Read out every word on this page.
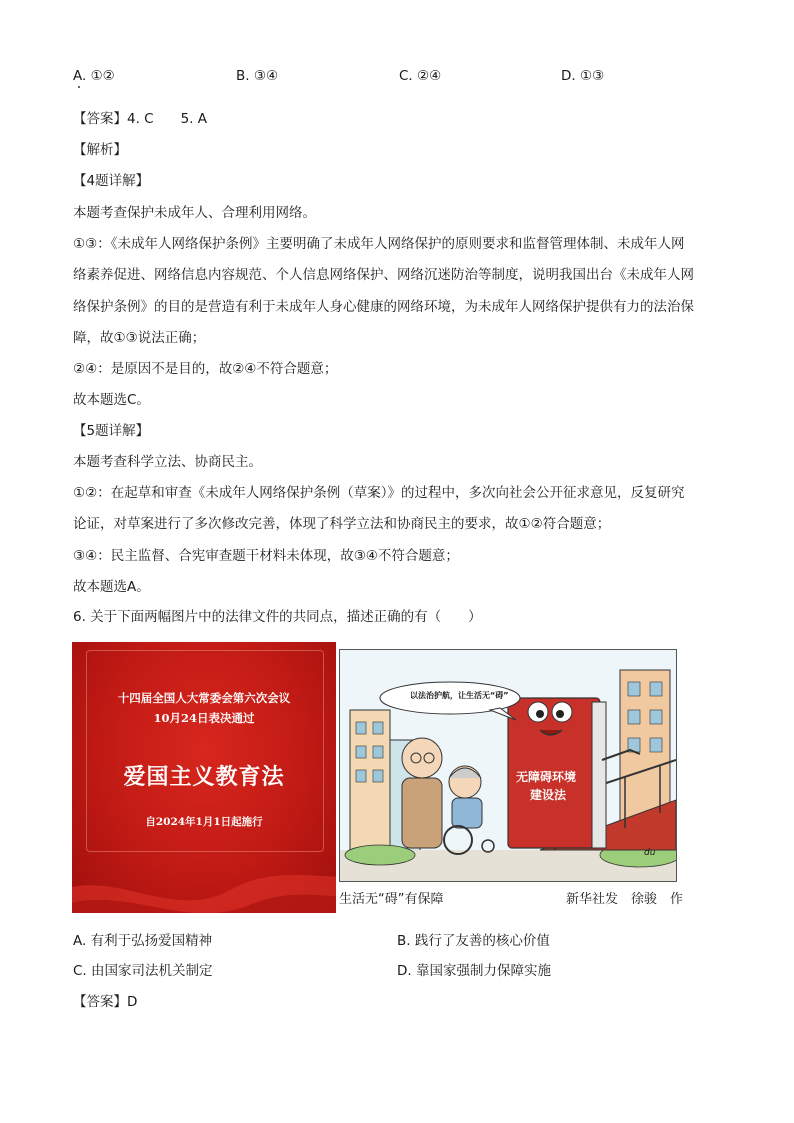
A. ①②	B. ③④	C. ②④	D. ①③
【答案】4. C　　5. A
【解析】
【4题详解】
本题考查保护未成年人、合理利用网络。
①③：《未成年人网络保护条例》主要明确了未成年人网络保护的原则要求和监督管理体制、未成年人网
络素养促进、网络信息内容规范、个人信息网络保护、网络沉迷防治等制度，说明我国出台《未成年人网
络保护条例》的目的是营造有利于未成年人身心健康的网络环境，为未成年人网络保护提供有力的法治保
障，故①③说法正确；
②④：是原因不是目的，故②④不符合题意；
故本题选C。
【5题详解】
本题考查科学立法、协商民主。
①②：在起草和审查《未成年人网络保护条例（草案）》的过程中，多次向社会公开征求意见，反复研究
论证，对草案进行了多次修改完善，体现了科学立法和协商民主的要求，故①②符合题意；
③④：民主监督、合宪审查题干材料未体现，故③④不符合题意；
故本题选A。
6. 关于下面两幅图片中的法律文件的共同点，描述正确的有（　　）
十四届全国人大常委会第六次会议
10月24日表决通过
爱国主义教育法
自2024年1月1日起施行
以法治护航，让生活无“碍”
无障碍环境
建设法
du
生活无“碍”有保障	新华社发　徐骏　作
A. 有利于弘扬爱国精神	B. 践行了友善的核心价值
C. 由国家司法机关制定	D. 靠国家强制力保障实施
【答案】D
